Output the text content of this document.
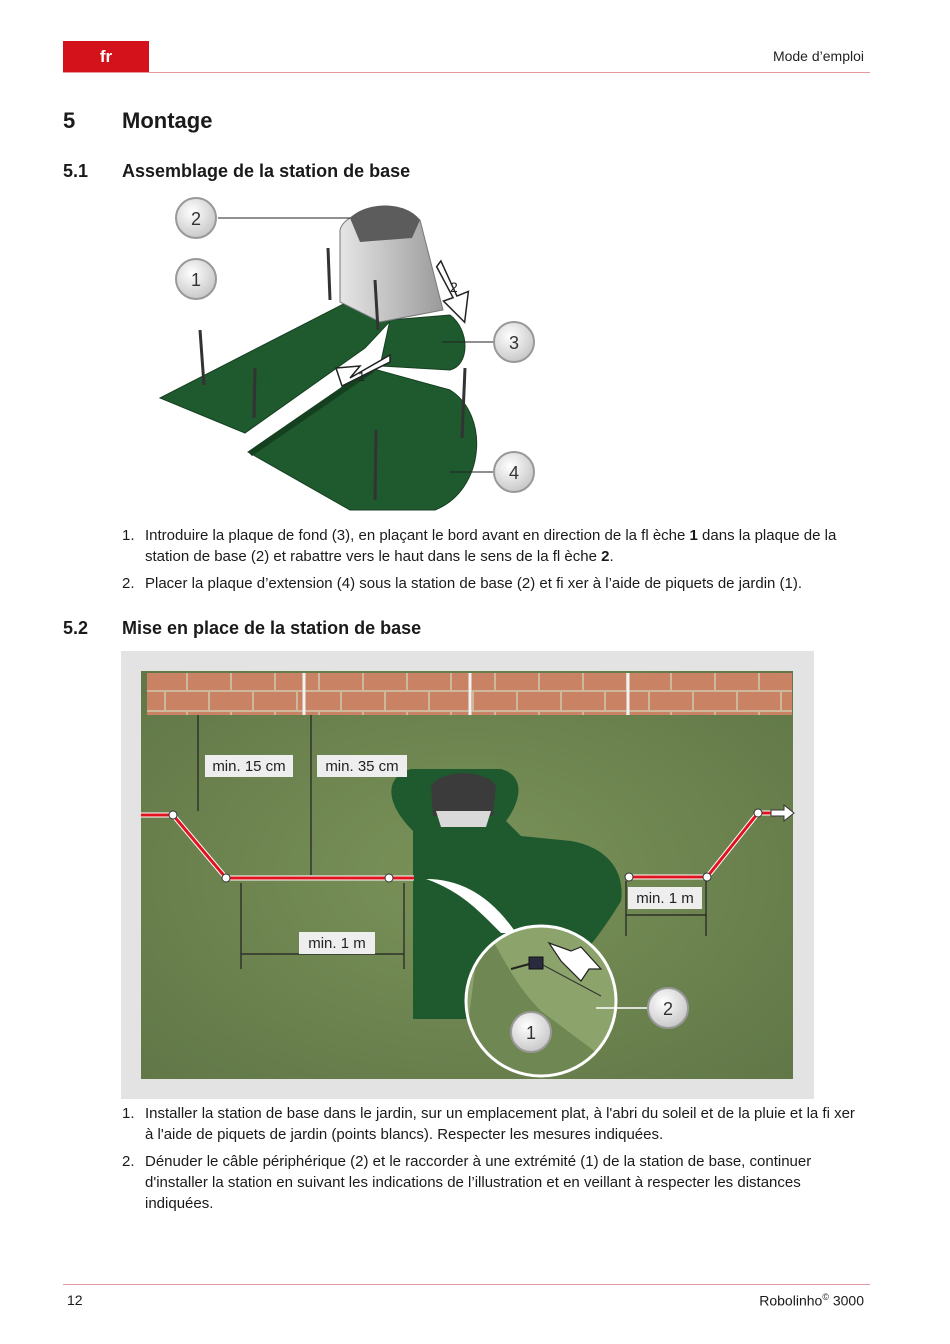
fr	Mode d’emploi
5 Montage
5.1 Assemblage de la station de base
2
1
2
1
3
4
1. Introduire la plaque de fond (3), en plaçant le bord avant en direction de la fl èche 1 dans la plaque de la station de base (2) et rabattre vers le haut dans le sens de la fl èche 2.
2. Placer la plaque d’extension (4) sous la station de base (2) et fi xer à l’aide de piquets de jardin (1).
5.2 Mise en place de la station de base
min. 15 cm	min. 35 cm
min. 1 m
min. 1 m
2
1
1. Installer la station de base dans le jardin, sur un emplacement plat, à l'abri du soleil et de la pluie et la fi xer à l'aide de piquets de jardin (points blancs). Respecter les mesures indiquées.
2. Dénuder le câble périphérique (2) et le raccorder à une extrémité (1) de la station de base, continuer d'installer la station en suivant les indications de l’illustration et en veillant à respecter les distances indiquées.
12	Robolinho© 3000
